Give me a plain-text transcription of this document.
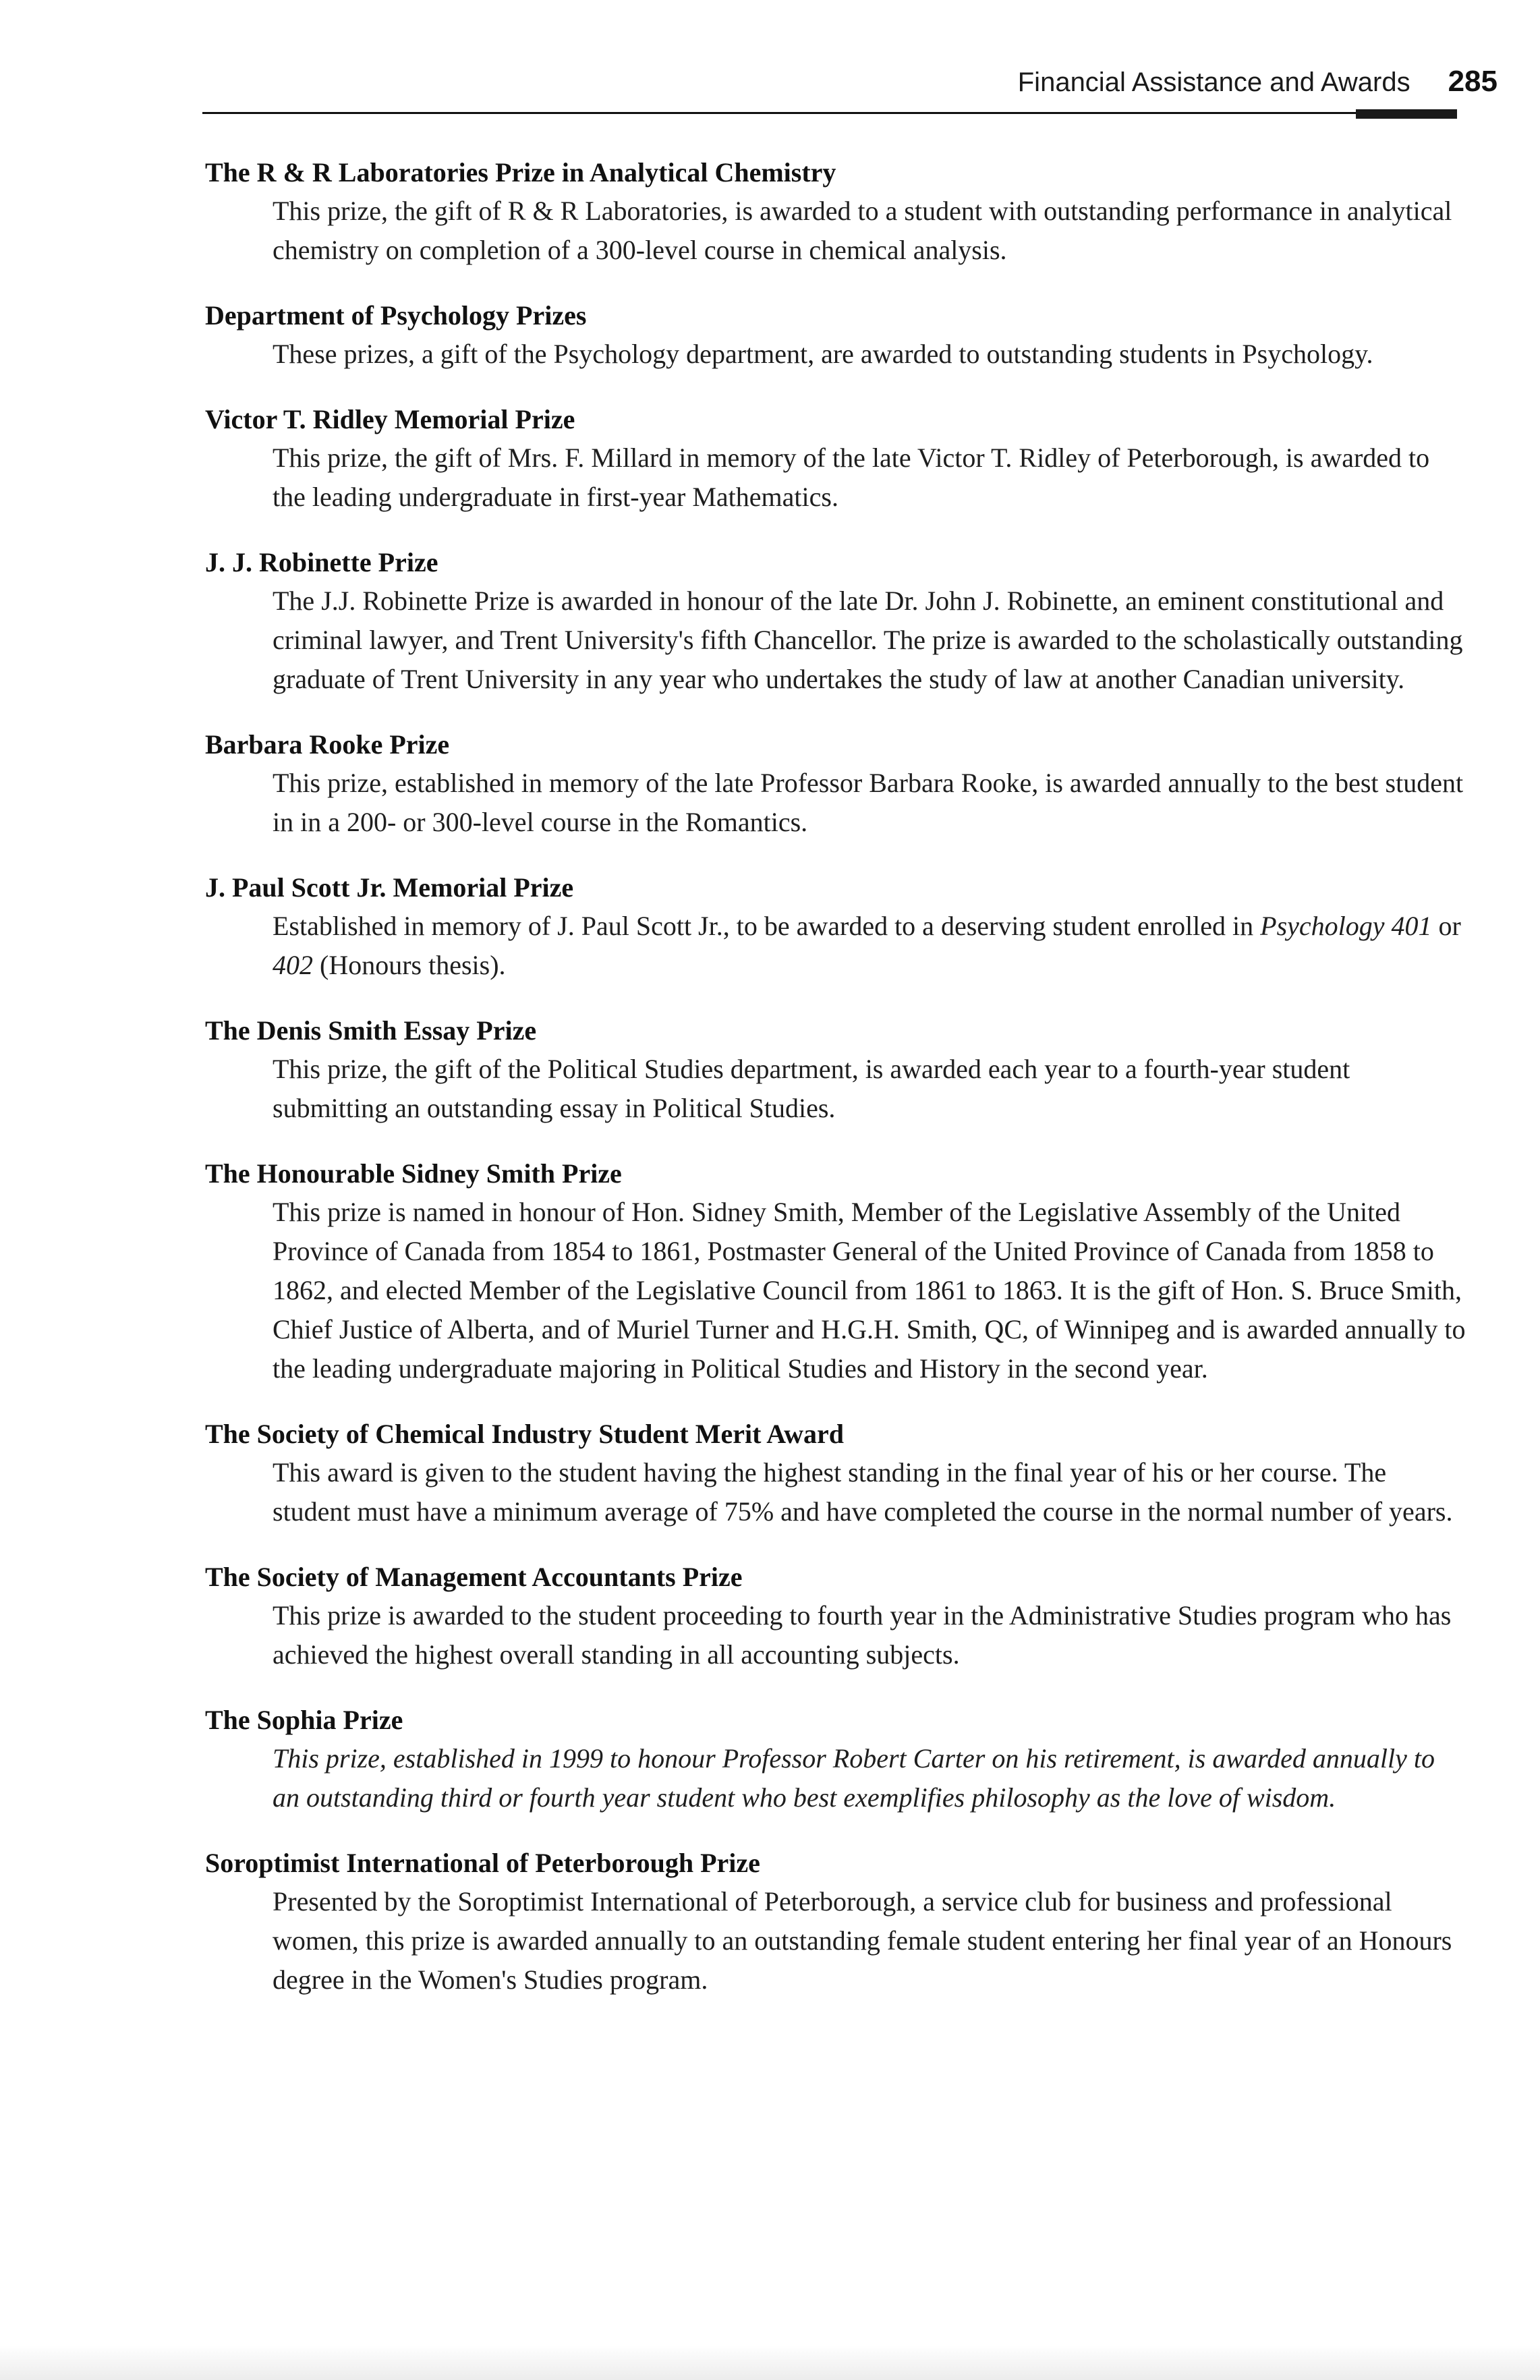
Financial Assistance and Awards 285
The R & R Laboratories Prize in Analytical Chemistry
This prize, the gift of R & R Laboratories, is awarded to a student with outstanding performance in analytical chemistry on completion of a 300-level course in chemical analysis.
Department of Psychology Prizes
These prizes, a gift of the Psychology department, are awarded to outstanding students in Psychology.
Victor T. Ridley Memorial Prize
This prize, the gift of Mrs. F. Millard in memory of the late Victor T. Ridley of Peterborough, is awarded to the leading undergraduate in first-year Mathematics.
J. J. Robinette Prize
The J.J. Robinette Prize is awarded in honour of the late Dr. John J. Robinette, an eminent constitutional and criminal lawyer, and Trent University's fifth Chancellor. The prize is awarded to the scholastically outstanding graduate of Trent University in any year who undertakes the study of law at another Canadian university.
Barbara Rooke Prize
This prize, established in memory of the late Professor Barbara Rooke, is awarded annually to the best student in in a 200- or 300-level course in the Romantics.
J. Paul Scott Jr. Memorial Prize
Established in memory of J. Paul Scott Jr., to be awarded to a deserving student enrolled in Psychology 401 or 402 (Honours thesis).
The Denis Smith Essay Prize
This prize, the gift of the Political Studies department, is awarded each year to a fourth-year student submitting an outstanding essay in Political Studies.
The Honourable Sidney Smith Prize
This prize is named in honour of Hon. Sidney Smith, Member of the Legislative Assembly of the United Province of Canada from 1854 to 1861, Postmaster General of the United Province of Canada from 1858 to 1862, and elected Member of the Legislative Council from 1861 to 1863. It is the gift of Hon. S. Bruce Smith, Chief Justice of Alberta, and of Muriel Turner and H.G.H. Smith, QC, of Winnipeg and is awarded annually to the leading undergraduate majoring in Political Studies and History in the second year.
The Society of Chemical Industry Student Merit Award
This award is given to the student having the highest standing in the final year of his or her course. The student must have a minimum average of 75% and have completed the course in the normal number of years.
The Society of Management Accountants Prize
This prize is awarded to the student proceeding to fourth year in the Administrative Studies program who has achieved the highest overall standing in all accounting subjects.
The Sophia Prize
This prize, established in 1999 to honour Professor Robert Carter on his retirement, is awarded annually to an outstanding third or fourth year student who best exemplifies philosophy as the love of wisdom.
Soroptimist International of Peterborough Prize
Presented by the Soroptimist International of Peterborough, a service club for business and professional women, this prize is awarded annually to an outstanding female student entering her final year of an Honours degree in the Women's Studies program.
